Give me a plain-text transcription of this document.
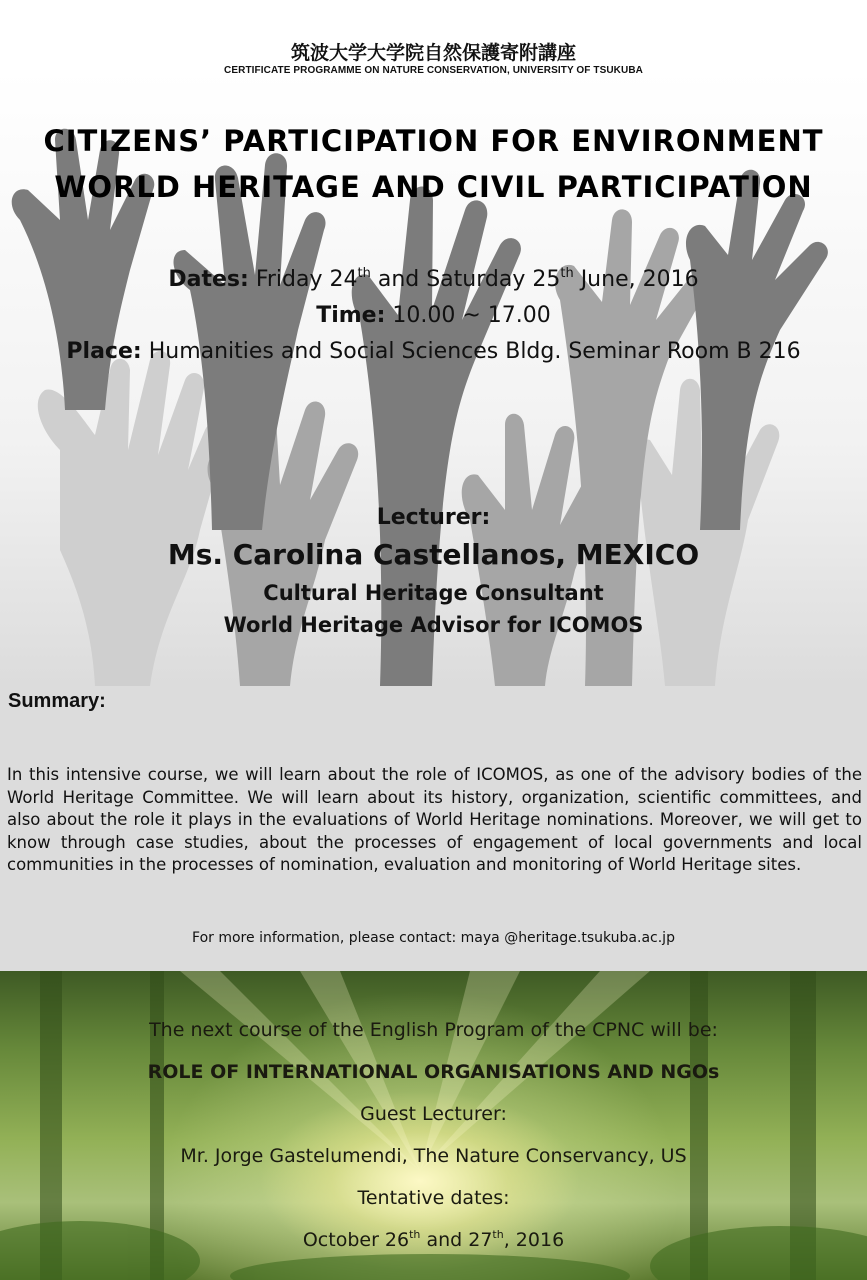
筑波大学大学院自然保護寄附講座
CERTIFICATE PROGRAMME ON NATURE CONSERVATION, UNIVERSITY OF TSUKUBA
CITIZENS’ PARTICIPATION FOR ENVIRONMENT
WORLD HERITAGE AND CIVIL PARTICIPATION
Dates: Friday 24th and Saturday 25th June, 2016
Time: 10.00 ~ 17.00
Place: Humanities and Social Sciences Bldg. Seminar Room B 216
Lecturer:
Ms. Carolina Castellanos, MEXICO
Cultural Heritage Consultant
World Heritage Advisor for ICOMOS
Summary:
In this intensive course, we will learn about the role of ICOMOS, as one of the advisory bodies of the World Heritage Committee. We will learn about its history, organization, scientific committees, and also about the role it plays in the evaluations of World Heritage nominations. Moreover, we will get to know through case studies, about the processes of engagement of local governments and local communities in the processes of nomination, evaluation and monitoring of World Heritage sites.
For more information, please contact: maya @heritage.tsukuba.ac.jp
The next course of the English Program of the CPNC will be:
ROLE OF INTERNATIONAL ORGANISATIONS AND NGOs
Guest Lecturer:
Mr. Jorge Gastelumendi, The Nature Conservancy, US
Tentative dates:
October 26th and 27th, 2016
